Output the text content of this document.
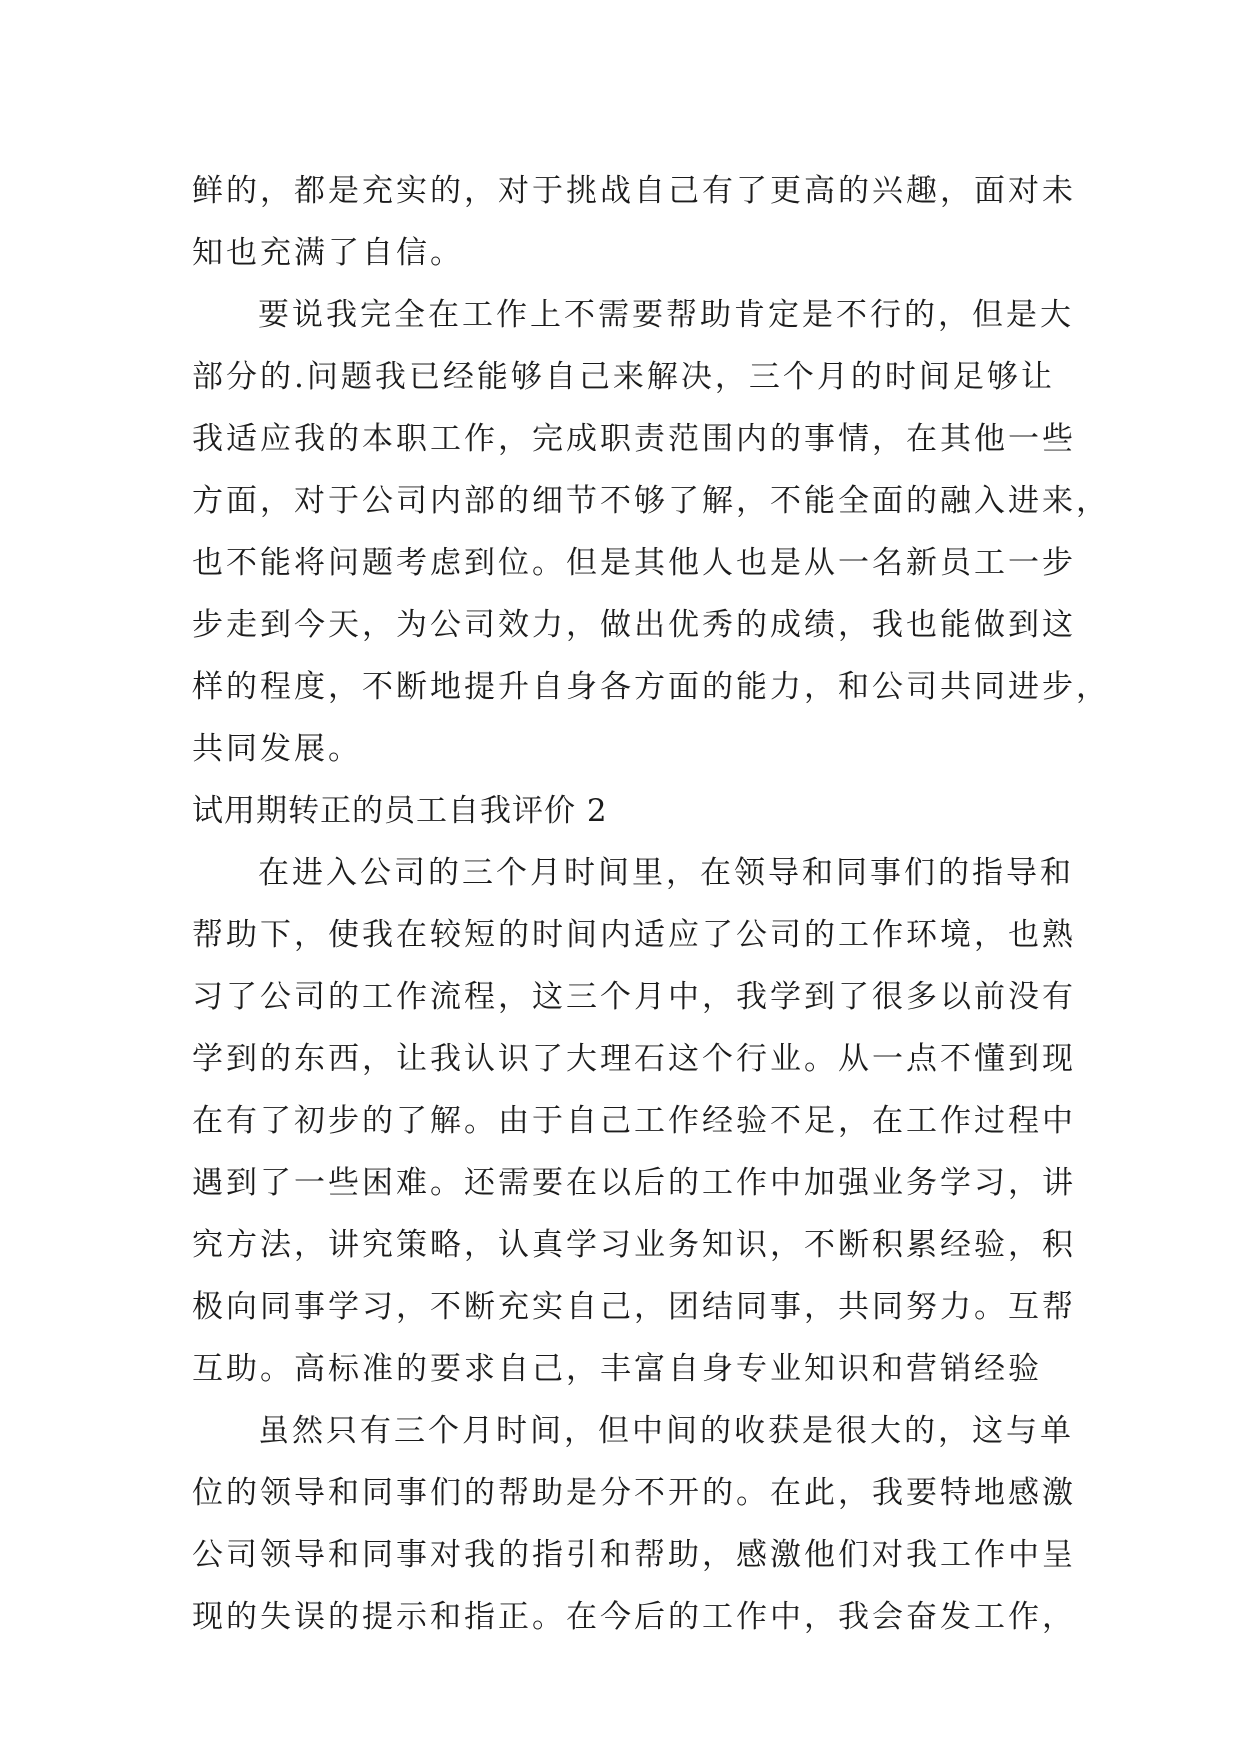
鲜的，都是充实的，对于挑战自己有了更高的兴趣，面对未
知也充满了自信。
要说我完全在工作上不需要帮助肯定是不行的，但是大
部分的.问题我已经能够自己来解决，三个月的时间足够让
我适应我的本职工作，完成职责范围内的事情，在其他一些
方面，对于公司内部的细节不够了解，不能全面的融入进来，
也不能将问题考虑到位。但是其他人也是从一名新员工一步
步走到今天，为公司效力，做出优秀的成绩，我也能做到这
样的程度，不断地提升自身各方面的能力，和公司共同进步，
共同发展。
试用期转正的员工自我评价 2
在进入公司的三个月时间里，在领导和同事们的指导和
帮助下，使我在较短的时间内适应了公司的工作环境，也熟
习了公司的工作流程，这三个月中，我学到了很多以前没有
学到的东西，让我认识了大理石这个行业。从一点不懂到现
在有了初步的了解。由于自己工作经验不足，在工作过程中
遇到了一些困难。还需要在以后的工作中加强业务学习，讲
究方法，讲究策略，认真学习业务知识，不断积累经验，积
极向同事学习，不断充实自己，团结同事，共同努力。互帮
互助。高标准的要求自己，丰富自身专业知识和营销经验
虽然只有三个月时间，但中间的收获是很大的，这与单
位的领导和同事们的帮助是分不开的。在此，我要特地感激
公司领导和同事对我的指引和帮助，感激他们对我工作中呈
现的失误的提示和指正。在今后的工作中，我会奋发工作，
